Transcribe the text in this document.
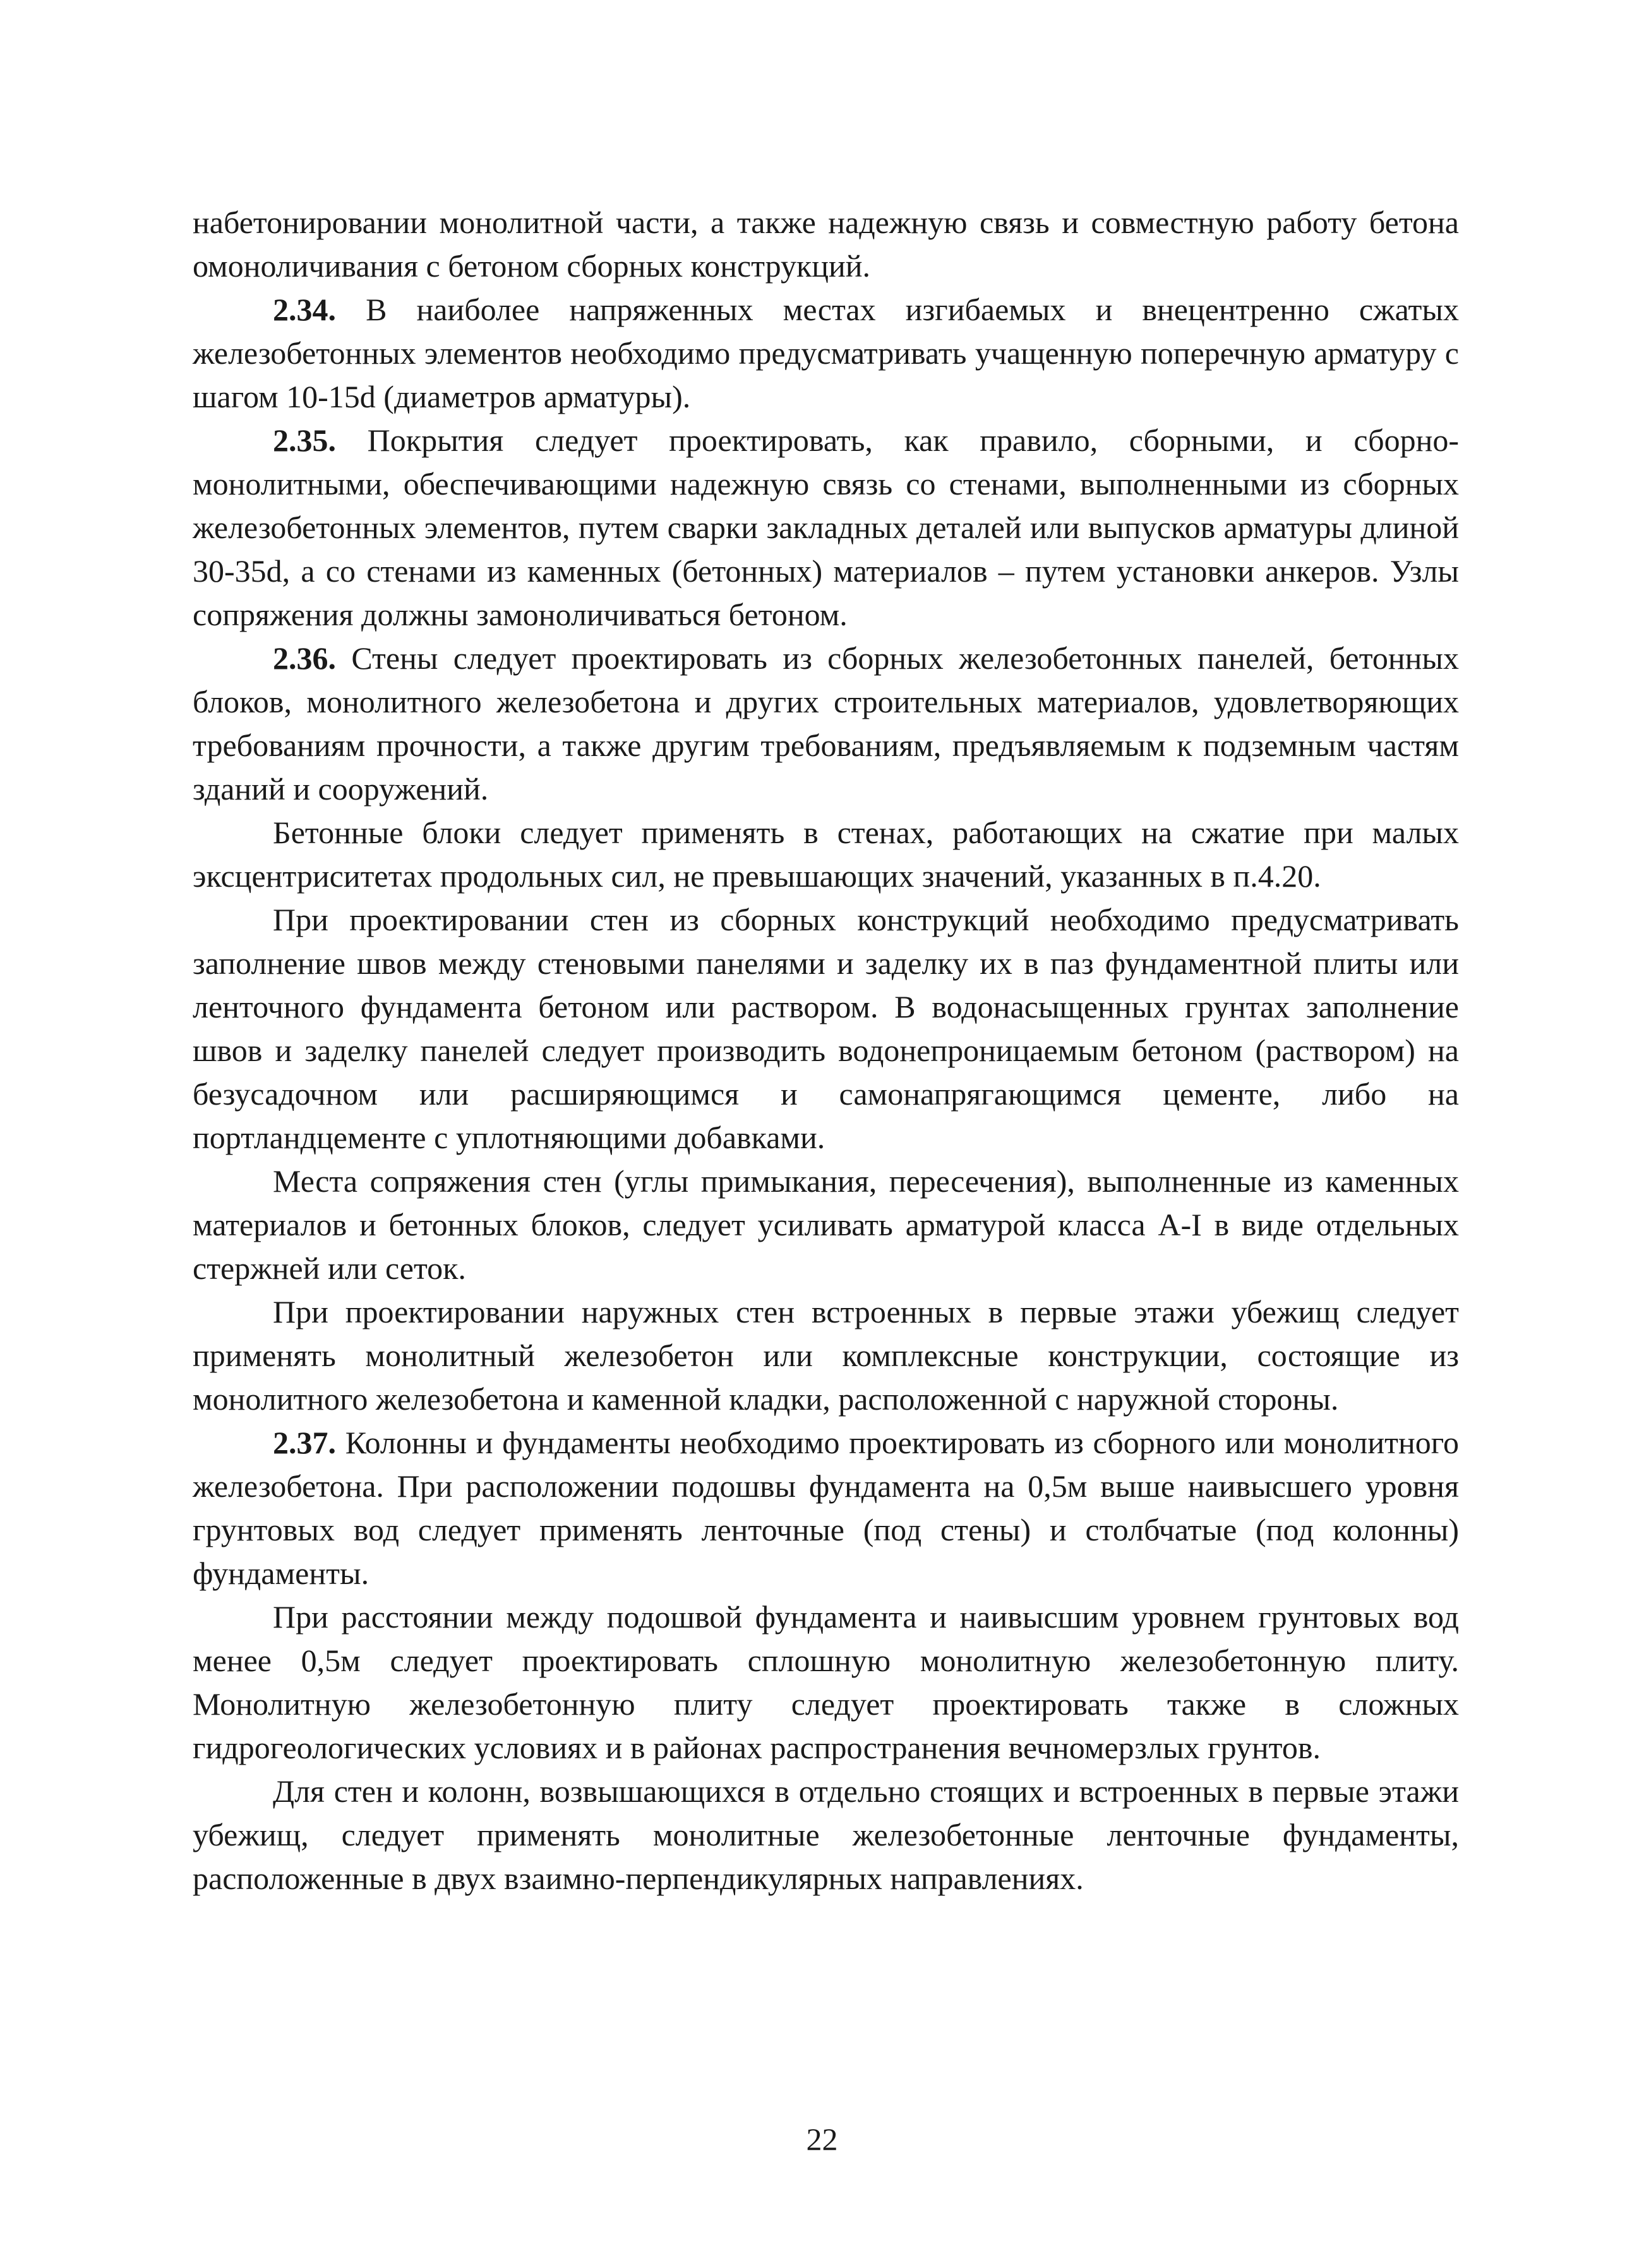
набетонировании монолитной части, а также надежную связь и совместную работу бетона омоноличивания с бетоном сборных конструкций.

2.34. В наиболее напряженных местах изгибаемых и внецентренно сжатых железобетонных элементов необходимо предусматривать учащенную поперечную арматуру с шагом 10-15d (диаметров арматуры).

2.35. Покрытия следует проектировать, как правило, сборными, и сборно-монолитными, обеспечивающими надежную связь со стенами, выполненными из сборных железобетонных элементов, путем сварки закладных деталей или выпусков арматуры длиной 30-35d, а со стенами из каменных (бетонных) материалов – путем установки анкеров. Узлы сопряжения должны замоноличиваться бетоном.

2.36. Стены следует проектировать из сборных железобетонных панелей, бетонных блоков, монолитного железобетона и других строительных материалов, удовлетворяющих требованиям прочности, а также другим требованиям, предъявляемым к подземным частям зданий и сооружений.

Бетонные блоки следует применять в стенах, работающих на сжатие при малых эксцентриситетах продольных сил, не превышающих значений, указанных в п.4.20.

При проектировании стен из сборных конструкций необходимо предусматривать заполнение швов между стеновыми панелями и заделку их в паз фундаментной плиты или ленточного фундамента бетоном или раствором. В водонасыщенных грунтах заполнение швов и заделку панелей следует производить водонепроницаемым бетоном (раствором) на безусадочном или расширяющимся и самонапрягающимся цементе, либо на портландцементе с уплотняющими добавками.

Места сопряжения стен (углы примыкания, пересечения), выполненные из каменных материалов и бетонных блоков, следует усиливать арматурой класса А-I в виде отдельных стержней или сеток.

При проектировании наружных стен встроенных в первые этажи убежищ следует применять монолитный железобетон или комплексные конструкции, состоящие из монолитного железобетона и каменной кладки, расположенной с наружной стороны.

2.37. Колонны и фундаменты необходимо проектировать из сборного или монолитного железобетона. При расположении подошвы фундамента на 0,5м выше наивысшего уровня грунтовых вод следует применять ленточные (под стены) и столбчатые (под колонны) фундаменты.

При расстоянии между подошвой фундамента и наивысшим уровнем грунтовых вод менее 0,5м следует проектировать сплошную монолитную железобетонную плиту. Монолитную железобетонную плиту следует проектировать также в сложных гидрогеологических условиях и в районах распространения вечномерзлых грунтов.

Для стен и колонн, возвышающихся в отдельно стоящих и встроенных в первые этажи убежищ, следует применять монолитные железобетонные ленточные фундаменты, расположенные в двух взаимно-перпендикулярных направлениях.

22
